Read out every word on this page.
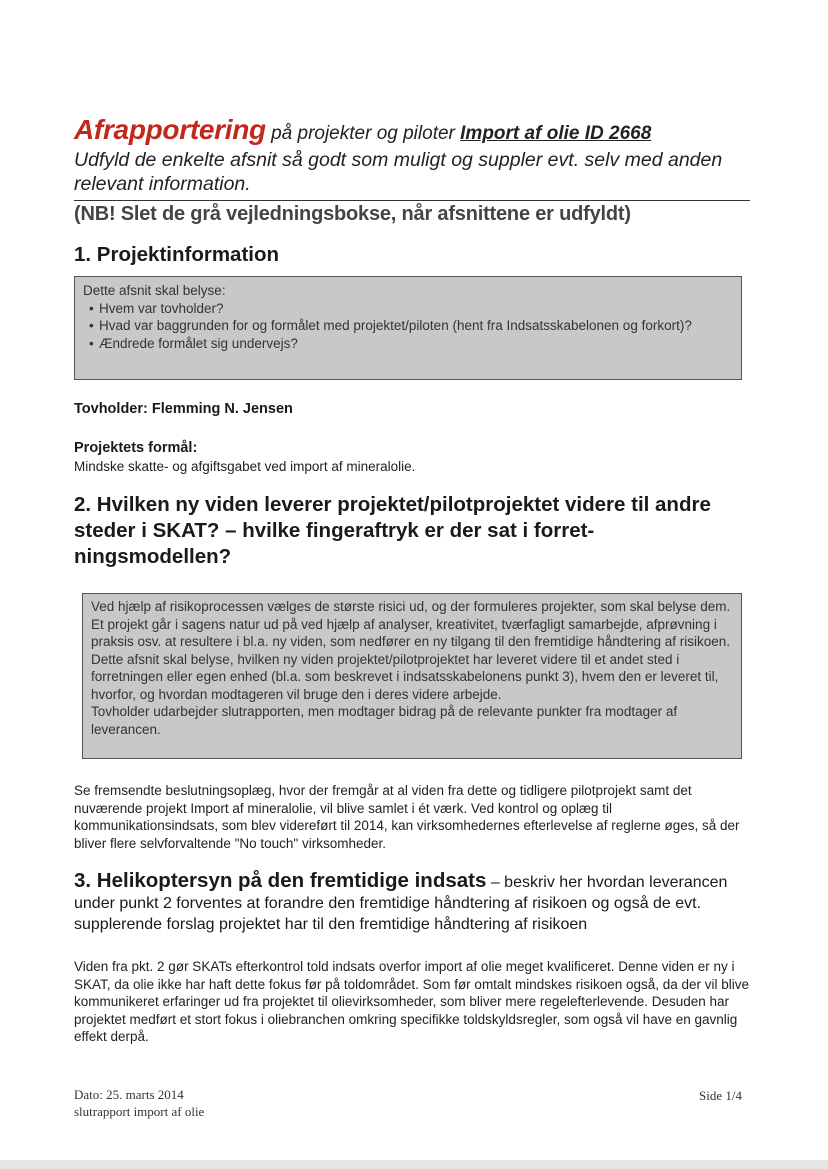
Afrapportering på projekter og piloter Import af olie ID 2668
Udfyld de enkelte afsnit så godt som muligt og suppler evt. selv med anden relevant information.
(NB! Slet de grå vejledningsbokse, når afsnittene er udfyldt)
1. Projektinformation
Dette afsnit skal belyse:
• Hvem var tovholder?
• Hvad var baggrunden for og formålet med projektet/piloten (hent fra Indsatsskabelonen og forkort)?
• Ændrede formålet sig undervejs?
Tovholder: Flemming N. Jensen
Projektets formål:
Mindske skatte- og afgiftsgabet ved import af mineralolie.
2. Hvilken ny viden leverer projektet/pilotprojektet videre til andre steder i SKAT? – hvilke fingeraftryk er der sat i forret-ningsmodellen?
Ved hjælp af risikoprocessen vælges de største risici ud, og der formuleres projekter, som skal belyse dem. Et projekt går i sagens natur ud på ved hjælp af analyser, kreativitet, tværfagligt samarbejde, afprøvning i praksis osv. at resultere i bl.a. ny viden, som nedfører en ny tilgang til den fremtidige håndtering af risikoen.
Dette afsnit skal belyse, hvilken ny viden projektet/pilotprojektet har leveret videre til et andet sted i forretningen eller egen enhed (bl.a. som beskrevet i indsatsskabelonens punkt 3), hvem den er leveret til, hvorfor, og hvordan modtageren vil bruge den i deres videre arbejde.
Tovholder udarbejder slutrapporten, men modtager bidrag på de relevante punkter fra modtager af leverancen.
Se fremsendte beslutningsoplæg, hvor der fremgår at al viden fra dette og tidligere pilotprojekt samt det nuværende projekt Import af mineralolie, vil blive samlet i ét værk. Ved kontrol og oplæg til kommunikationsindsats, som blev videreført til 2014, kan virksomhedernes efterlevelse af reglerne øges, så der bliver flere selvforvaltende "No touch" virksomheder.
3. Helikoptersyn på den fremtidige indsats – beskriv her hvordan leverancen under punkt 2 forventes at forandre den fremtidige håndtering af risikoen og også de evt. supplerende forslag projektet har til den fremtidige håndtering af risikoen
Viden fra pkt. 2 gør SKATs efterkontrol told indsats overfor import af olie meget kvalificeret. Denne viden er ny i SKAT, da olie ikke har haft dette fokus før på toldområdet. Som før omtalt mindskes risikoen også, da der vil blive kommunikeret erfaringer ud fra projektet til olievirksomheder, som bliver mere regelefterlevende. Desuden har projektet medført et stort fokus i oliebranchen omkring specifikke toldskyldsregler, som også vil have en gavnlig effekt derpå.
Dato: 25. marts 2014
slutrapport import af olie
Side 1/4
